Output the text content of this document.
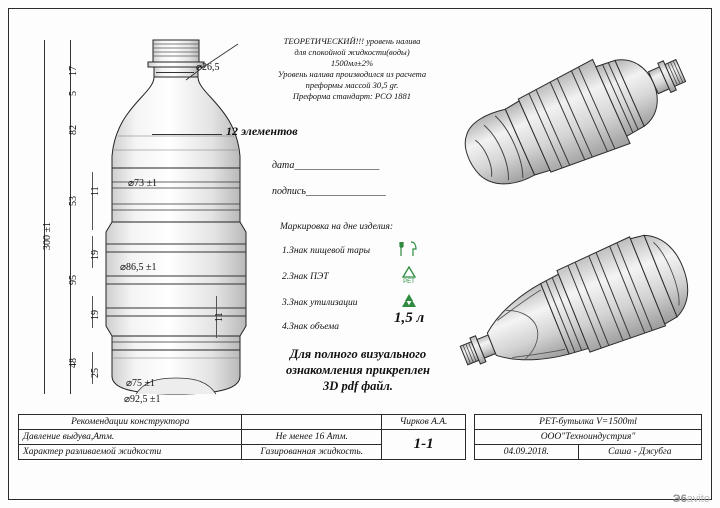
300 ±1
17
5
82
53
95
48
11
19
19
25
11
⌀26,5
⌀73 ±1
⌀86,5 ±1
⌀75 ±1
⌀92,5 ±1
ТЕОРЕТИЧЕСКИЙ!!! уровень налива
для спокойной жидкости(воды)
1500мл±2%
Уровень налива производился из расчета
преформы массой 30,5 gr.
Преформа стандарт: PCO 1881
12 элементов
дата_________________
подпись________________
Маркировка на дне изделия:
1.Знак пищевой тары
2.Знак ПЭТ
3.Знак утилизации
4.Знак объема
PET
1,5 л
Для полного визуального
ознакомления прикреплен
3D pdf файл.
Рекомендации конструктора		Чирков А.А.
Давление выдува,Атм.	Не менее 16 Атм.	1-1
Характер разливаемой жидкости	Газированная жидкость.	
PET-бутылка V=1500ml
ООО"Техноиндустрия"
04.09.2018.	Саша - Джубга
Э6avito
